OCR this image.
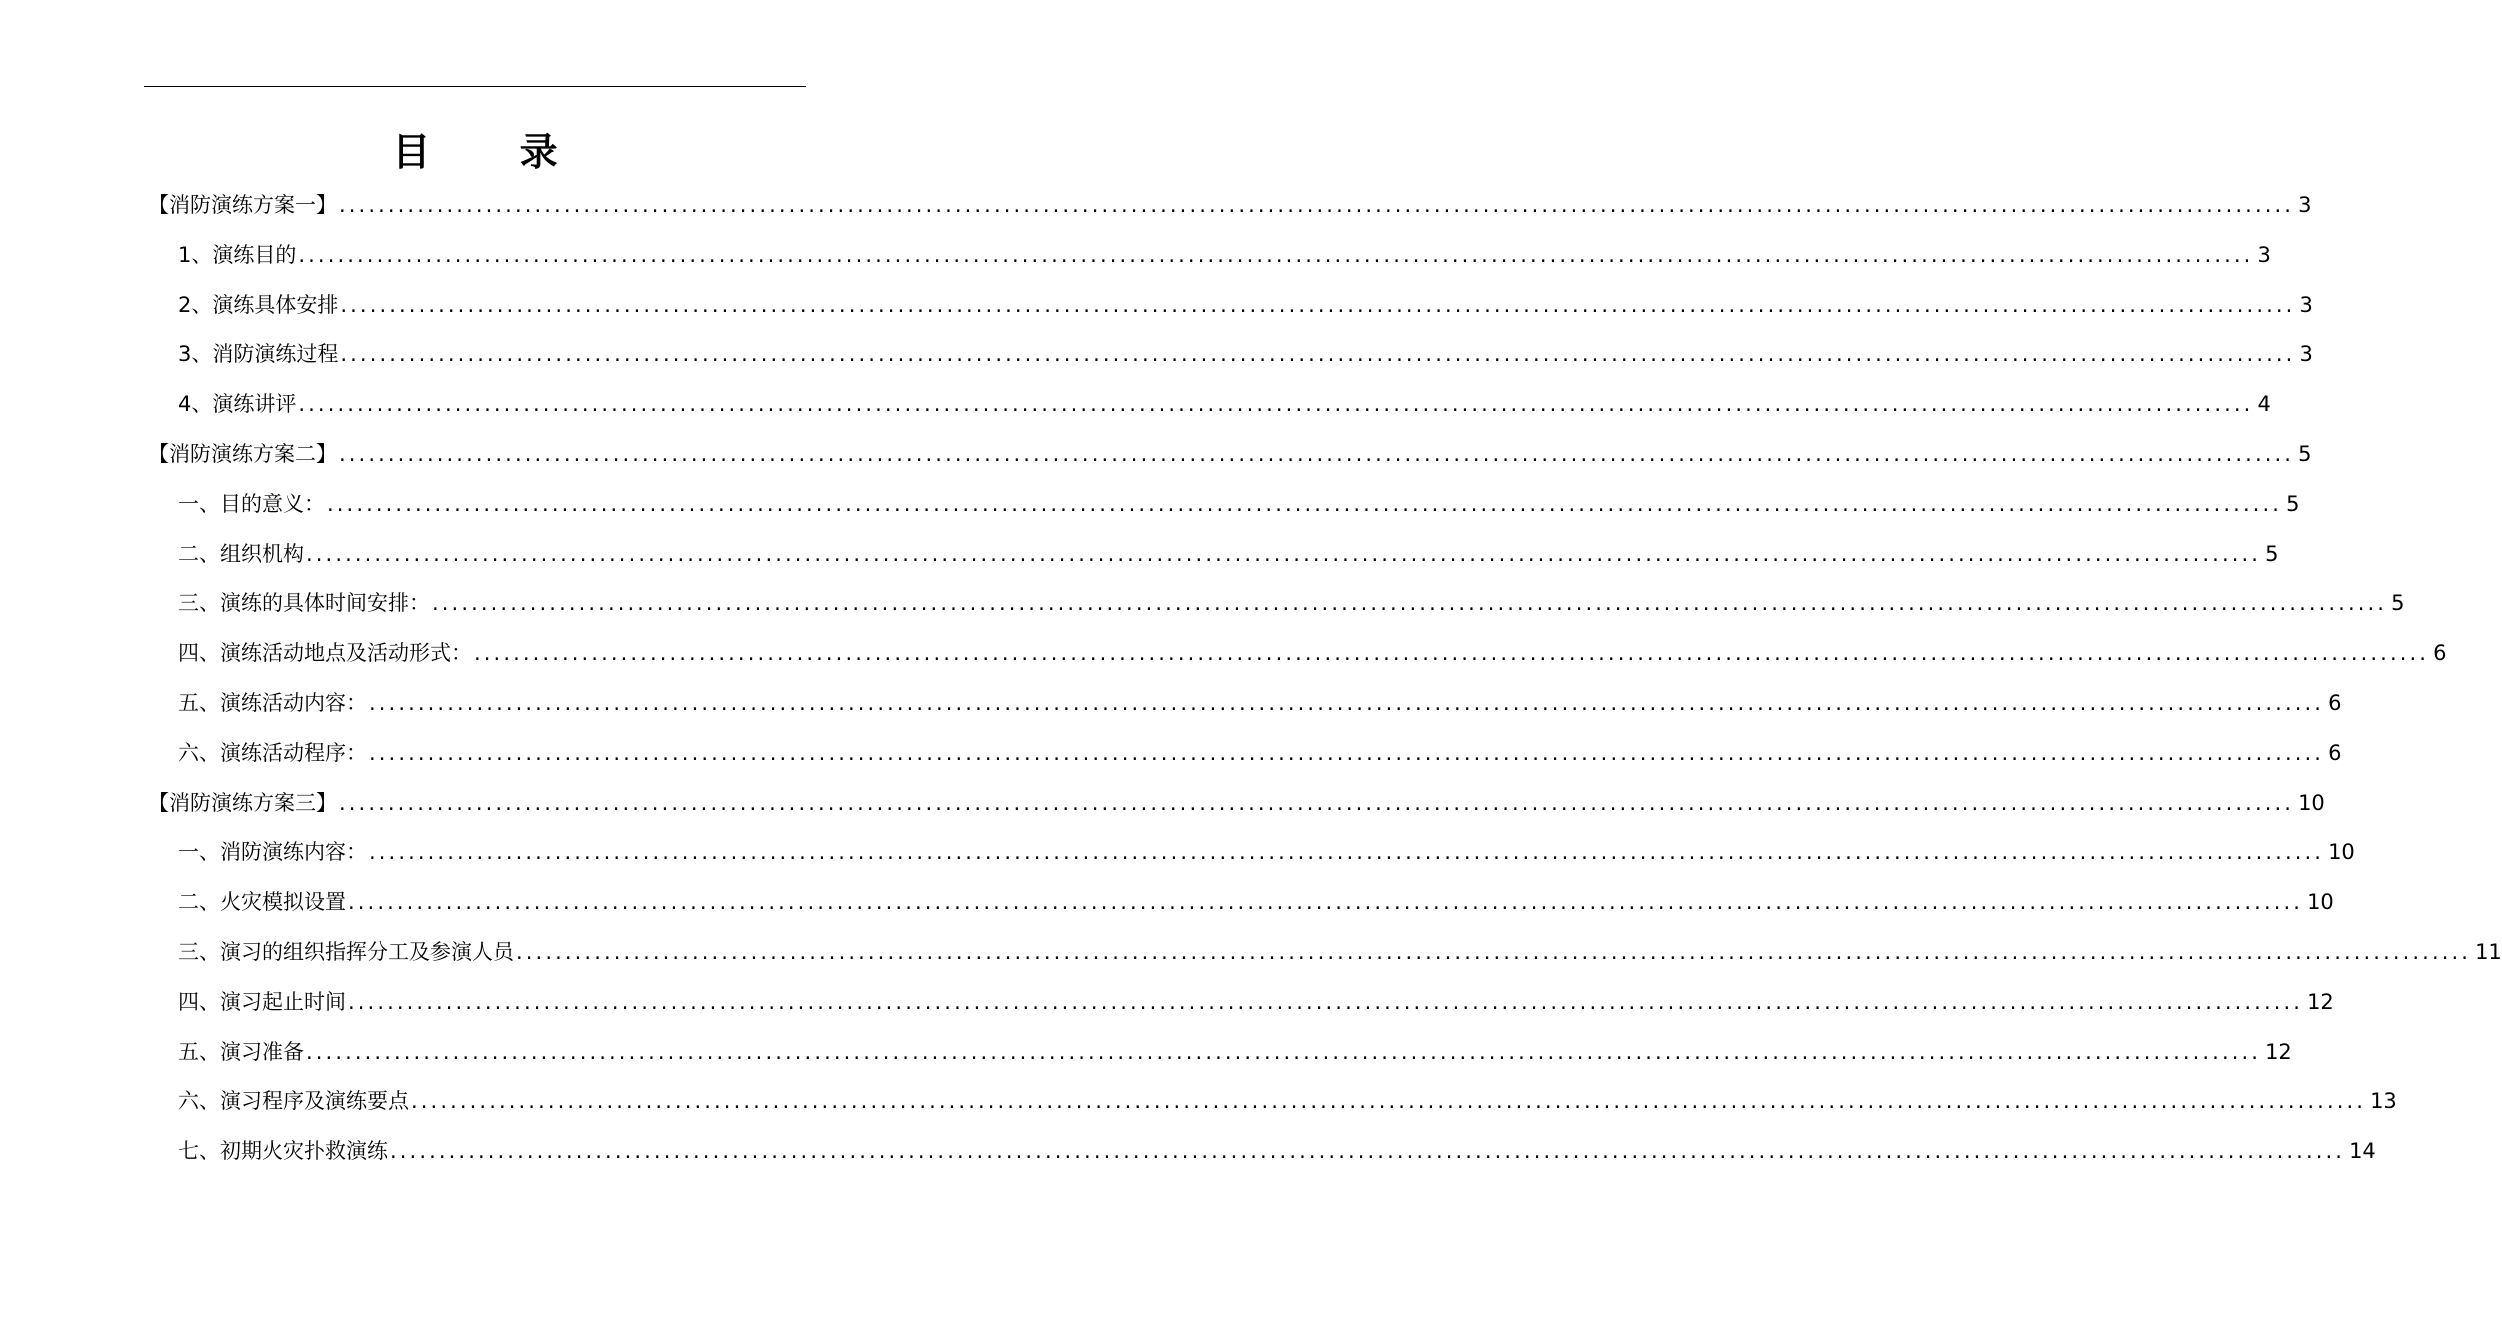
目 录
【消防演练方案一】 ........................................................................................................................................................................................................ 3
1、演练目的 ........................................................................................................................................................................................................ 3
2、演练具体安排 ........................................................................................................................................................................................................ 3
3、消防演练过程 ........................................................................................................................................................................................................ 3
4、演练讲评 ........................................................................................................................................................................................................ 4
【消防演练方案二】 ........................................................................................................................................................................................................ 5
一、目的意义： ........................................................................................................................................................................................................ 5
二、组织机构 ........................................................................................................................................................................................................ 5
三、演练的具体时间安排： ........................................................................................................................................................................................................ 5
四、演练活动地点及活动形式： ........................................................................................................................................................................................................ 6
五、演练活动内容： ........................................................................................................................................................................................................ 6
六、演练活动程序： ........................................................................................................................................................................................................ 6
【消防演练方案三】 ........................................................................................................................................................................................................ 10
一、消防演练内容： ........................................................................................................................................................................................................ 10
二、火灾模拟设置 ........................................................................................................................................................................................................ 10
三、演习的组织指挥分工及参演人员 ........................................................................................................................................................................................................ 11
四、演习起止时间 ........................................................................................................................................................................................................ 12
五、演习准备 ........................................................................................................................................................................................................ 12
六、演习程序及演练要点 ........................................................................................................................................................................................................ 13
七、初期火灾扑救演练 ........................................................................................................................................................................................................ 14
